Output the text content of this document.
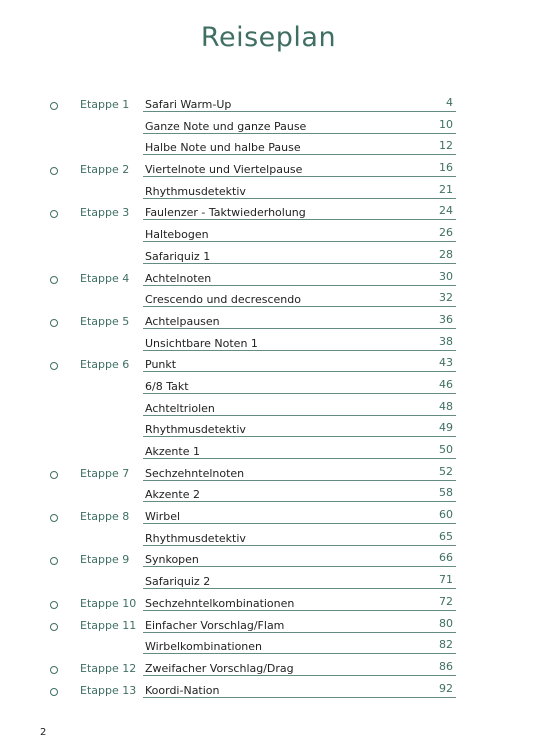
Reiseplan
Etappe 1 Safari Warm-Up	4
Ganze Note und ganze Pause	10
Halbe Note und halbe Pause	12
Etappe 2 Viertelnote und Viertelpause	16
Rhythmusdetektiv	21
Etappe 3 Faulenzer - Taktwiederholung	24
Haltebogen	26
Safariquiz 1	28
Etappe 4 Achtelnoten	30
Crescendo und decrescendo	32
Etappe 5 Achtelpausen	36
Unsichtbare Noten 1	38
Etappe 6 Punkt	43
6/8 Takt	46
Achteltriolen	48
Rhythmusdetektiv	49
Akzente 1	50
Etappe 7 Sechzehntelnoten	52
Akzente 2	58
Etappe 8 Wirbel	60
Rhythmusdetektiv	65
Etappe 9 Synkopen	66
Safariquiz 2	71
Etappe 10 Sechzehntelkombinationen	72
Etappe 11 Einfacher Vorschlag/Flam	80
Wirbelkombinationen	82
Etappe 12 Zweifacher Vorschlag/Drag	86
Etappe 13 Koordi-Nation	92
2
